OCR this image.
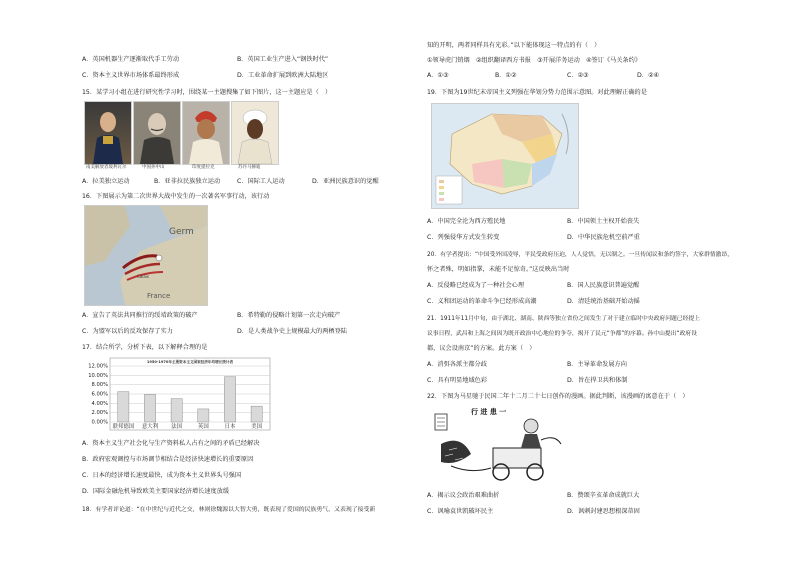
A．英国机器生产逐渐取代手工劳动	B．英国工业生产进入“钢铁时代”
C．资本主义世界市场体系最终形成	D．工业革命扩展到欧洲大陆地区
15．某学习小组在进行研究性学习时，围绕某一主题搜集了如下图片，这一主题应是（　）
南美解放者玻利瓦尔	中国孙中山	印度提拉克	苏丹马赫迪
A．拉美独立运动	B．亚非拉民族独立运动	C．国际工人运动	D．亚洲民族意识的觉醒
16．下图展示为第二次世界大战中发生的一次著名军事行动，该行动
Germ
France
Calais
A．宣告了英法共同推行的绥靖政策的破产	B．希特勒的侵略计划第一次走向破产
C．为盟军以后的反攻保存了实力	D．是人类战争史上规模最大的两栖登陆
17．结合所学，分析下表，以下解释合理的是
1950-1970年主要资本主义国家经济年均增长统计表
0.00%
2.00%
4.00%
6.00%
8.00%
10.00%
12.00%
联邦德国 意大利 法国	英国	日本	美国
A．资本主义生产社会化与生产资料私人占有之间的矛盾已经解决
B．政府宏观调控与市场调节相结合是经济快速增长的重要原因
C．日本的经济增长速度最快，成为资本主义世界头号强国
D．国际金融危机导致欧美主要国家经济增长速度放缓
18．有学者评论道：“在中世纪与近代之交，林则徐魏源以大智大勇，既表现了爱国的民族勇气，又表现了接受新
知的开明，两者同样具有光彩。”以下能体现这一特点的有（　）
①领导虎门销烟　②组织翻译西方书报　③开展洋务运动　④签订《马关条约》
A．①③	B．①②	C．②③	D．②④
19．下图为19世纪末帝国主义列强在华划分势力范围示意图。对此理解正确的是
A．中国完全沦为西方殖民地	B．中国领土主权开始丧失
C．列强侵华方式发生转变	D．中华民族危机空前严重
20．有学者提出：“中国受外国凌辱，平民受政府压迫，人人觉悟，无以制之。一旦传闻议和条约签字，大家群情激昂，
怀之者殊，明如指掌，未能不足惊奇。”这反映出当时
A．反侵略已经成为了一种社会心理	B．国人民族意识普遍觉醒
C．义和团运动的革命斗争已经形成高潮	D．清廷统治基础开始动摇
21．1911年11月中旬，由于湖北、湖南、陕西等独立省份之间发生了对于建立临时中央政府问题已经提上
议事日程，武昌和上海之间因为既开政治中心地位的争夺，揭开了民元“争都”的序幕。孙中山提出“政府设
都，议会设南京”的方案。此方案（　）
A．消弭各派主都分歧	B．主导革命发展方向
C．具有明显地域色彩	D．旨在捍卫共和体制
22．下图为马星驰于民国二年十二月二十七日创作的漫画。据此判断，该漫画的寓意在于（　）
行 进 患 一
A．揭示议会政治艰难曲折	B．赞颂辛亥革命成就巨大
C．讽喻袁世凯破坏民主	D．讽刺封建思想根深蒂固
